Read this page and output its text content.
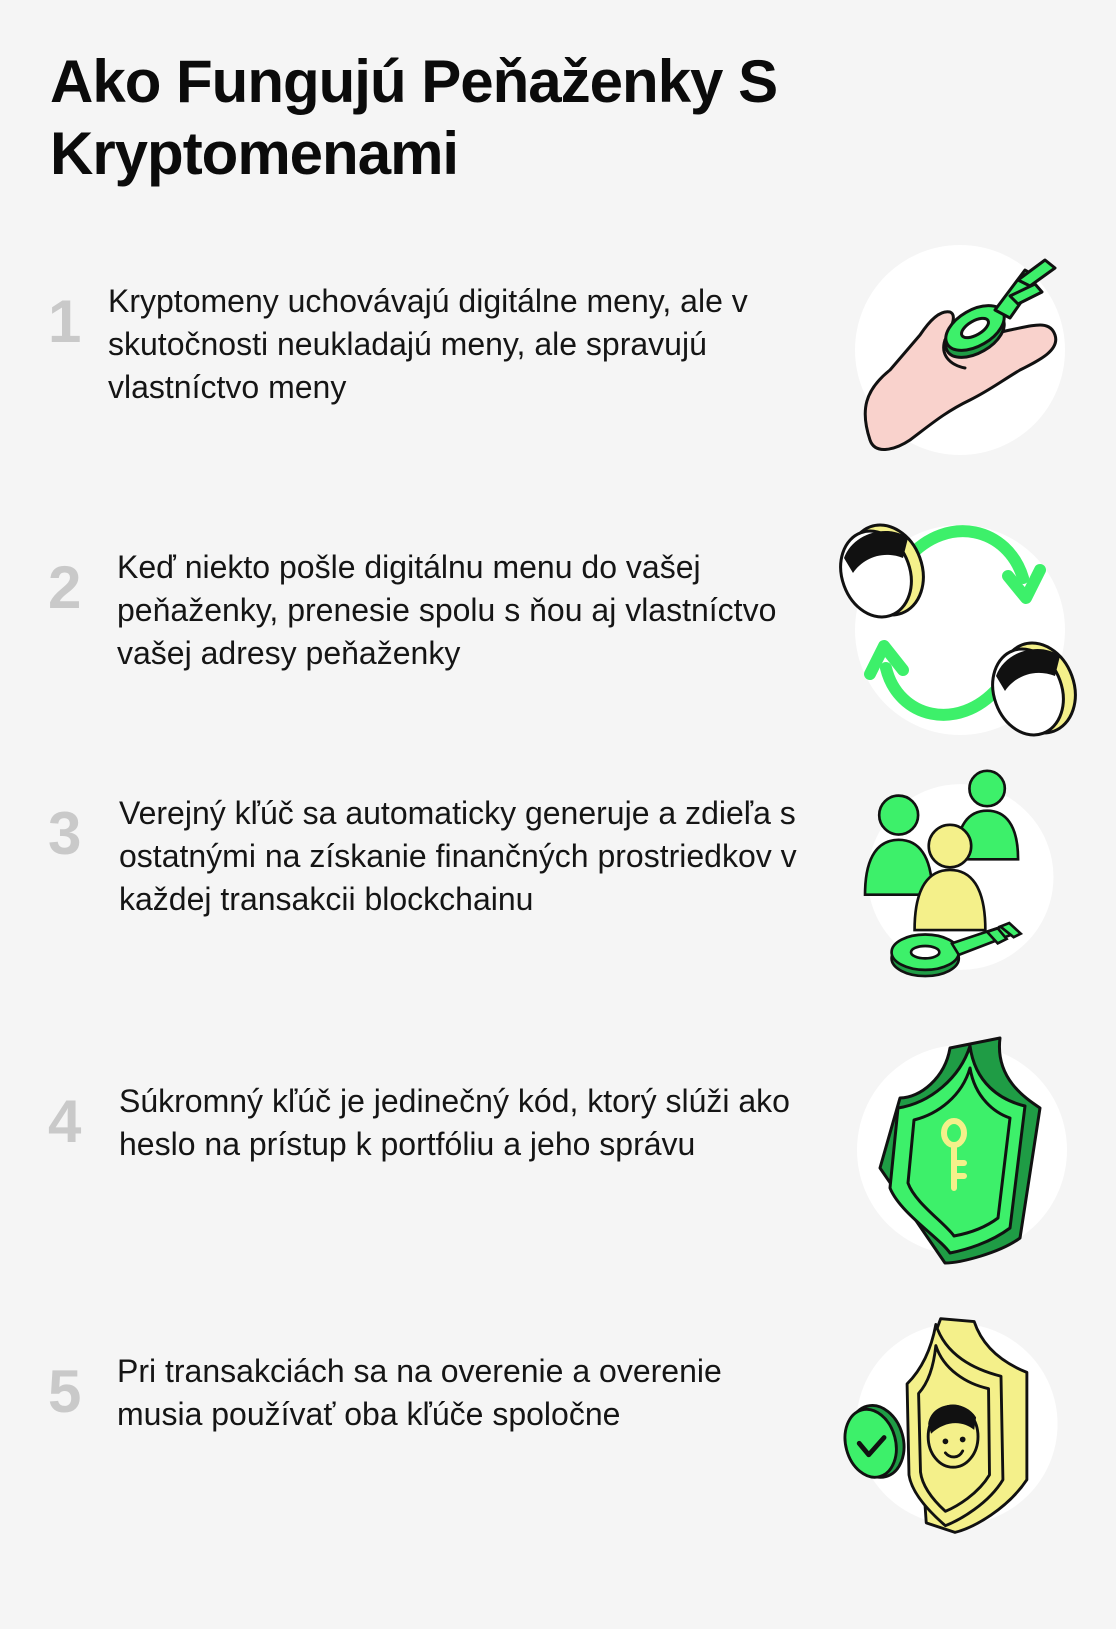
Ako Fungujú Peňaženky S Kryptomenami
1 Kryptomeny uchovávajú digitálne meny, ale v skutočnosti neukladajú meny, ale spravujú vlastníctvo meny
2 Keď niekto pošle digitálnu menu do vašej peňaženky, prenesie spolu s ňou aj vlastníctvo vašej adresy peňaženky
3 Verejný kľúč sa automaticky generuje a zdieľa s ostatnými na získanie finančných prostriedkov v každej transakcii blockchainu
4 Súkromný kľúč je jedinečný kód, ktorý slúži ako heslo na prístup k portfóliu a jeho správu
5 Pri transakciách sa na overenie a overenie musia používať oba kľúče spoločne
